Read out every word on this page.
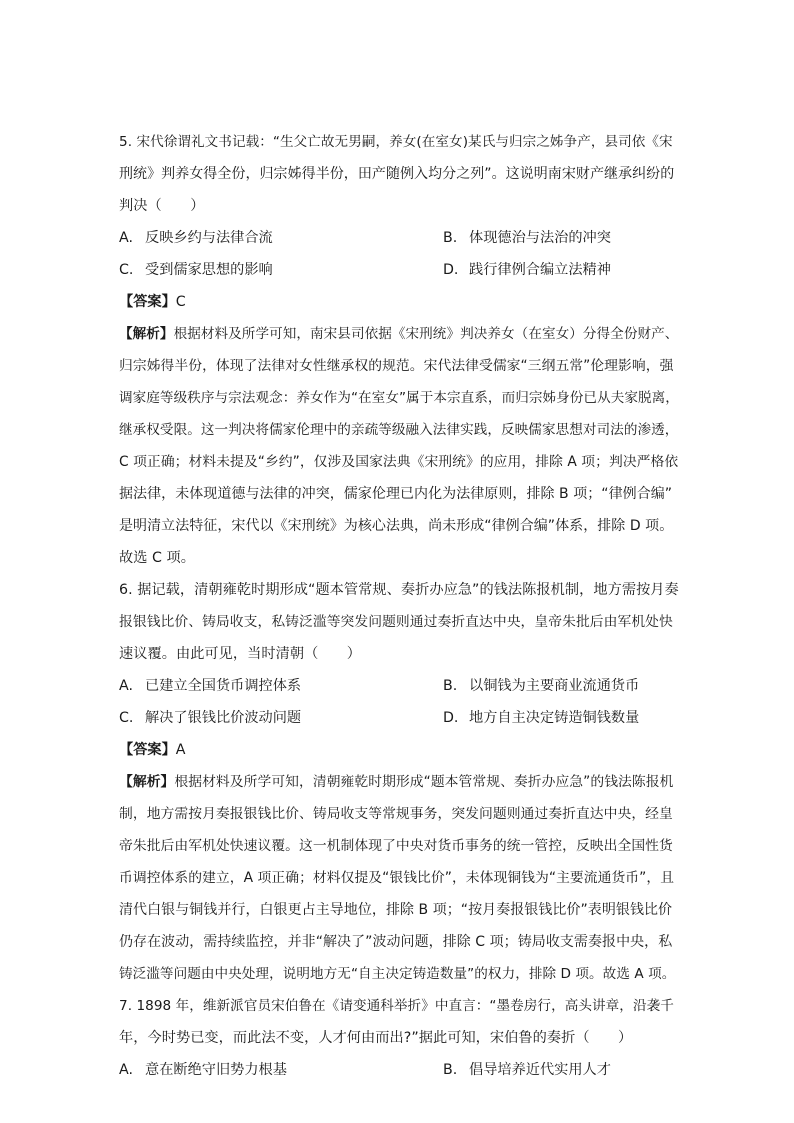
5. 宋代徐谓礼文书记载：“生父亡故无男嗣，养女(在室女)某氏与归宗之姊争产，县司依《宋
刑统》判养女得全份，归宗姊得半份，田产随例入均分之列”。这说明南宋财产继承纠纷的
判决（　　）
A. 反映乡约与法律合流	B. 体现德治与法治的冲突
C. 受到儒家思想的影响	D. 践行律例合编立法精神
【答案】C
【解析】根据材料及所学可知，南宋县司依据《宋刑统》判决养女（在室女）分得全份财产、
归宗姊得半份，体现了法律对女性继承权的规范。宋代法律受儒家“三纲五常”伦理影响，强
调家庭等级秩序与宗法观念：养女作为“在室女”属于本宗直系，而归宗姊身份已从夫家脱离，
继承权受限。这一判决将儒家伦理中的亲疏等级融入法律实践，反映儒家思想对司法的渗透，
C 项正确；材料未提及“乡约”，仅涉及国家法典《宋刑统》的应用，排除 A 项；判决严格依
据法律，未体现道德与法律的冲突，儒家伦理已内化为法律原则，排除 B 项；“律例合编”
是明清立法特征，宋代以《宋刑统》为核心法典，尚未形成“律例合编”体系，排除 D 项。
故选 C 项。
6. 据记载，清朝雍乾时期形成“题本管常规、奏折办应急”的钱法陈报机制，地方需按月奏
报银钱比价、铸局收支，私铸泛滥等突发问题则通过奏折直达中央，皇帝朱批后由军机处快
速议覆。由此可见，当时清朝（　　）
A. 已建立全国货币调控体系	B. 以铜钱为主要商业流通货币
C. 解决了银钱比价波动问题	D. 地方自主决定铸造铜钱数量
【答案】A
【解析】根据材料及所学可知，清朝雍乾时期形成“题本管常规、奏折办应急”的钱法陈报机
制，地方需按月奏报银钱比价、铸局收支等常规事务，突发问题则通过奏折直达中央，经皇
帝朱批后由军机处快速议覆。这一机制体现了中央对货币事务的统一管控，反映出全国性货
币调控体系的建立，A 项正确；材料仅提及“银钱比价”，未体现铜钱为“主要流通货币”，且
清代白银与铜钱并行，白银更占主导地位，排除 B 项；“按月奏报银钱比价”表明银钱比价
仍存在波动，需持续监控，并非“解决了”波动问题，排除 C 项；铸局收支需奏报中央，私
铸泛滥等问题由中央处理，说明地方无“自主决定铸造数量”的权力，排除 D 项。故选 A 项。
7. 1898 年，维新派官员宋伯鲁在《请变通科举折》中直言：“墨卷房行，高头讲章，沿袭千
年，今时势已变，而此法不变，人才何由而出?”据此可知，宋伯鲁的奏折（　　）
A. 意在断绝守旧势力根基	B. 倡导培养近代实用人才
